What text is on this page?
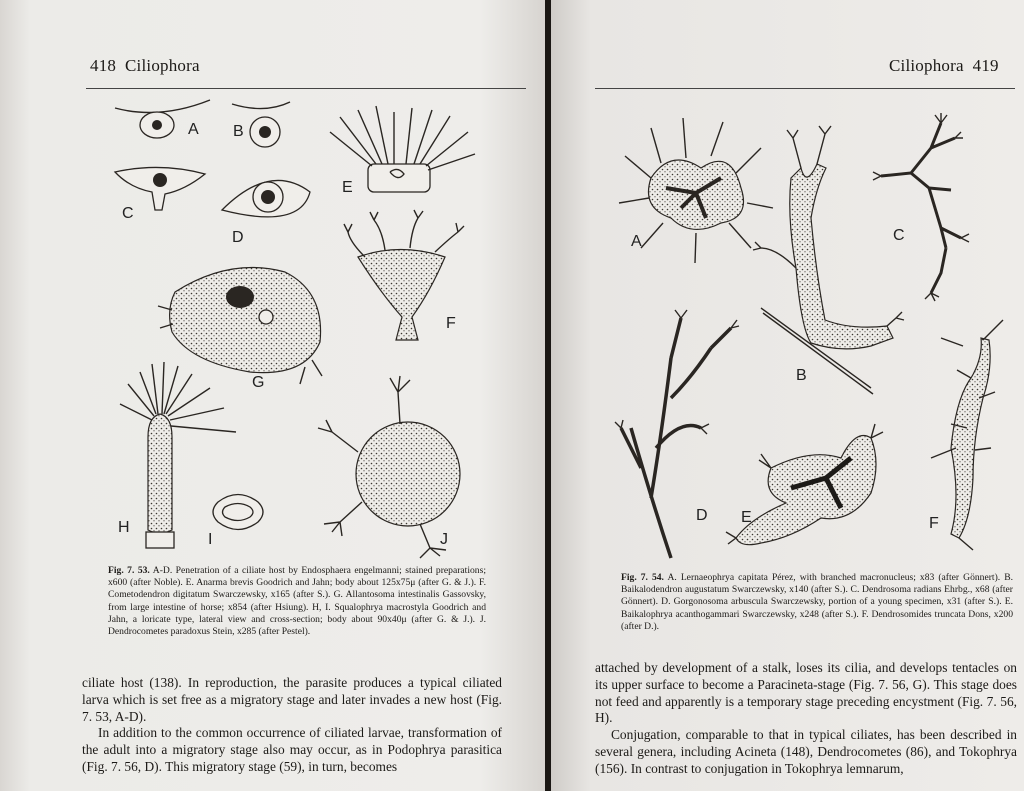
418 Ciliophora
A B
C
D
E
F
G
H
I	J
Fig. 7. 53. A-D. Penetration of a ciliate host by Endosphaera engelmanni; stained preparations; x600 (after Noble). E. Anarma brevis Goodrich and Jahn; body about 125x75μ (after G. & J.). F. Cometodendron digitatum Swarczewsky, x165 (after S.). G. Allantosoma intestinalis Gassovsky, from large intestine of horse; x854 (after Hsiung). H, I. Squalophrya macrostyla Goodrich and Jahn, a loricate type, lateral view and cross-section; body about 90x40μ (after G. & J.). J. Dendrocometes paradoxus Stein, x285 (after Pestel).

ciliate host (138). In reproduction, the parasite produces a typical ciliated larva which is set free as a migratory stage and later invades a new host (Fig. 7. 53, A-D).

In addition to the common occurrence of ciliated larvae, transformation of the adult into a migratory stage also may occur, as in Podophrya parasitica (Fig. 7. 56, D). This migratory stage (59), in turn, becomes

Ciliophora 419
A
B
C
D E	F
Fig. 7. 54. A. Lernaeophrya capitata Pérez, with branched macronucleus; x83 (after Gönnert). B. Baikalodendron augustatum Swarczewsky, x140 (after S.). C. Dendrosoma radians Ehrbg., x68 (after Gönnert). D. Gorgonosoma arbuscula Swarczewsky, portion of a young specimen, x31 (after S.). E. Baikalophrya acanthogammari Swarczewsky, x248 (after S.). F. Dendrosomides truncata Dons, x200 (after D.).

attached by development of a stalk, loses its cilia, and develops tentacles on its upper surface to become a Paracineta-stage (Fig. 7. 56, G). This stage does not feed and apparently is a temporary stage preceding encystment (Fig. 7. 56, H).

Conjugation, comparable to that in typical ciliates, has been described in several genera, including Acineta (148), Dendrocometes (86), and Tokophrya (156). In contrast to conjugation in Tokophrya lemnarum,
